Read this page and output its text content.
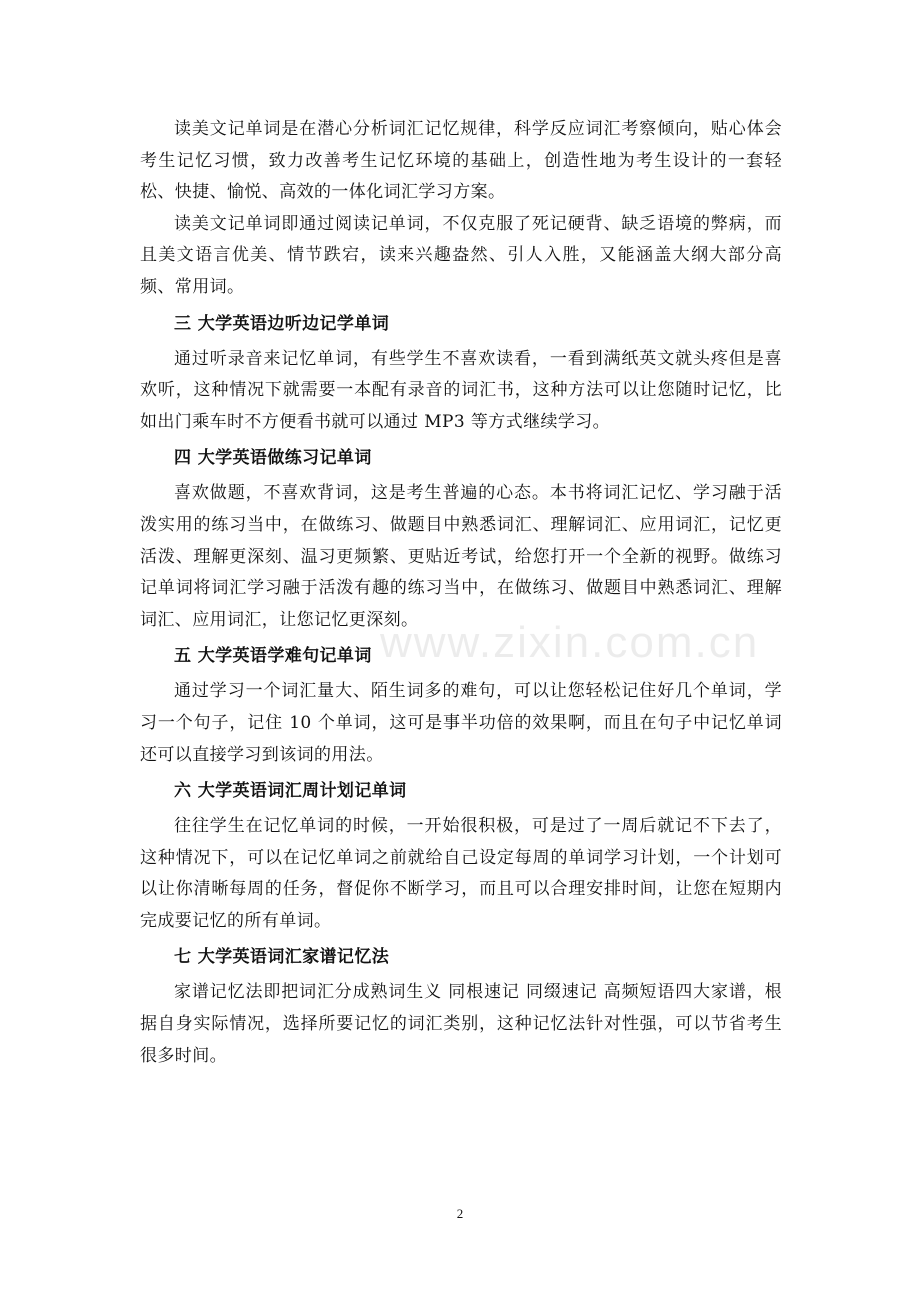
读美文记单词是在潜心分析词汇记忆规律，科学反应词汇考察倾向，贴心体会考生记忆习惯，致力改善考生记忆环境的基础上，创造性地为考生设计的一套轻松、快捷、愉悦、高效的一体化词汇学习方案。

读美文记单词即通过阅读记单词，不仅克服了死记硬背、缺乏语境的弊病，而且美文语言优美、情节跌宕，读来兴趣盎然、引人入胜，又能涵盖大纲大部分高频、常用词。

三 大学英语边听边记学单词

通过听录音来记忆单词，有些学生不喜欢读看，一看到满纸英文就头疼但是喜欢听，这种情况下就需要一本配有录音的词汇书，这种方法可以让您随时记忆，比如出门乘车时不方便看书就可以通过 MP3 等方式继续学习。

四 大学英语做练习记单词

喜欢做题，不喜欢背词，这是考生普遍的心态。本书将词汇记忆、学习融于活泼实用的练习当中，在做练习、做题目中熟悉词汇、理解词汇、应用词汇，记忆更活泼、理解更深刻、温习更频繁、更贴近考试，给您打开一个全新的视野。做练习 记单词将词汇学习融于活泼有趣的练习当中，在做练习、做题目中熟悉词汇、理解词汇、应用词汇，让您记忆更深刻。

五 大学英语学难句记单词

通过学习一个词汇量大、陌生词多的难句，可以让您轻松记住好几个单词，学习一个句子，记住 10 个单词，这可是事半功倍的效果啊，而且在句子中记忆单词还可以直接学习到该词的用法。

六 大学英语词汇周计划记单词

往往学生在记忆单词的时候，一开始很积极，可是过了一周后就记不下去了，这种情况下，可以在记忆单词之前就给自己设定每周的单词学习计划，一个计划可以让你清晰每周的任务，督促你不断学习，而且可以合理安排时间，让您在短期内完成要记忆的所有单词。

七 大学英语词汇家谱记忆法

家谱记忆法即把词汇分成熟词生义 同根速记 同缀速记 高频短语四大家谱，根据自身实际情况，选择所要记忆的词汇类别，这种记忆法针对性强，可以节省考生很多时间。

www.zixin.com.cn
2
